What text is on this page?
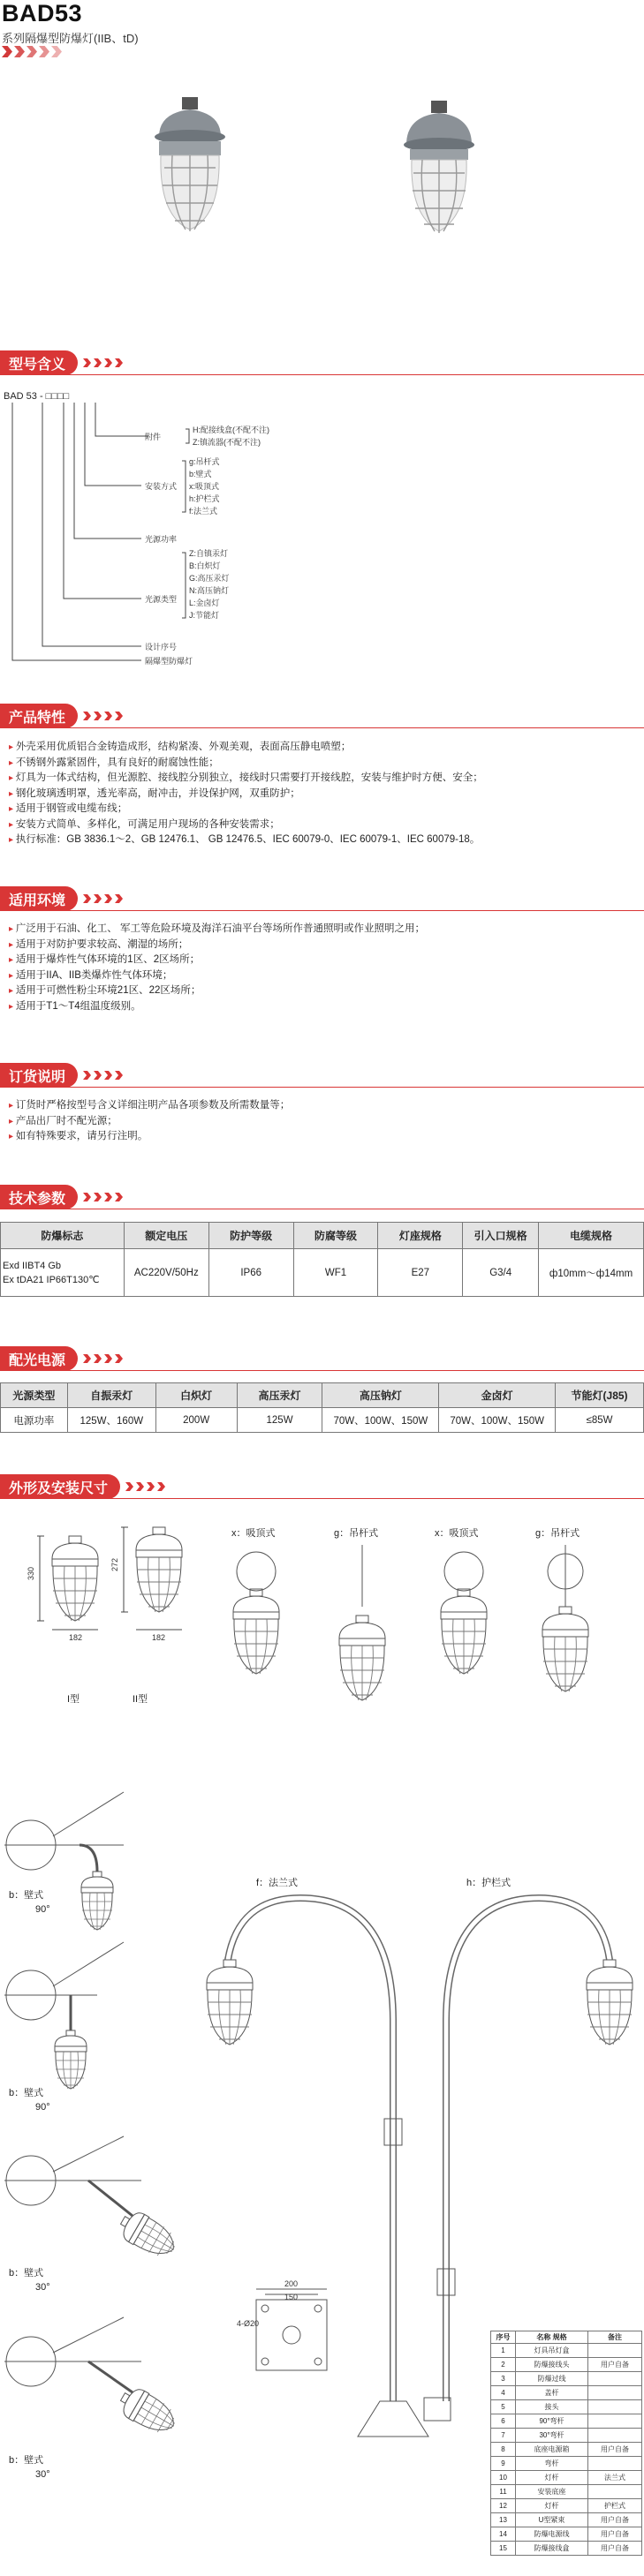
BAD53
系列隔爆型防爆灯(IIB、tD)
型号含义
BAD 53 - □□□□
附件
H:配接线盒(不配不注)
Z:镇流器(不配不注)
安装方式
g:吊杆式
b:壁式
x:吸顶式
h:护栏式
f:法兰式
光源功率
光源类型
Z:自镇汞灯
B:白炽灯
G:高压汞灯
N:高压钠灯
L:金卤灯
J:节能灯
设计序号
隔爆型防爆灯
产品特性
▸ 外壳采用优质铝合金铸造成形，结构紧凑、外观美观，表面高压静电喷塑；
▸ 不锈钢外露紧固件，具有良好的耐腐蚀性能；
▸ 灯具为一体式结构，但光源腔、接线腔分别独立，接线时只需要打开接线腔，安装与维护时方便、安全；
▸ 钢化玻璃透明罩，透光率高，耐冲击，并设保护网，双重防护；
▸ 适用于钢管或电缆布线；
▸ 安装方式简单、多样化，可满足用户现场的各种安装需求；
▸ 执行标准：GB 3836.1～2、GB 12476.1、 GB 12476.5、IEC 60079-0、IEC 60079-1、IEC 60079-18。
适用环境
▸ 广泛用于石油、化工、 军工等危险环境及海洋石油平台等场所作普通照明或作业照明之用；
▸ 适用于对防护要求较高、潮湿的场所；
▸ 适用于爆炸性气体环境的1区、2区场所；
▸ 适用于IIA、IIB类爆炸性气体环境；
▸ 适用于可燃性粉尘环境21区、22区场所；
▸ 适用于T1～T4组温度级别。
订货说明
▸ 订货时严格按型号含义详细注明产品各项参数及所需数量等；
▸ 产品出厂时不配光源；
▸ 如有特殊要求，请另行注明。
技术参数
防爆标志	额定电压	防护等级	防腐等级	灯座规格	引入口规格	电缆规格

Exd IIBT4 Gb
Ex tDA21 IP66T130℃	AC220V/50Hz	IP66	WF1	E27	G3/4	ф10mm～ф14mm
配光电源
光源类型	自振汞灯	白炽灯	高压汞灯	高压钠灯	金卤灯	节能灯(J85)
电源功率	125W、160W	200W	125W	70W、100W、150W	70W、100W、150W	≤85W
外形及安装尺寸
330
272
182	182
I型	II型
x：吸顶式	g：吊杆式	x：吸顶式	g：吊杆式
b：壁式
90°
b：壁式
90°
b：壁式
30°
b：壁式
30°
f：法兰式	h：护栏式
200
150
4-Ø20
序号	名称 规格	备注
1	灯具吊灯盒	
2	防爆接线头	用户自备
3	防爆过线	
4	盖杆	
5	接头	
6	90°弯杆	
7	30°弯杆	
8	底座电源箱	用户自备
9	弯杆	
10	灯杆	法兰式
11	安装底座	
12	灯杆	护栏式
13	U型紧束	用户自备
14	防爆电源线	用户自备
15	防爆接线盒	用户自备
